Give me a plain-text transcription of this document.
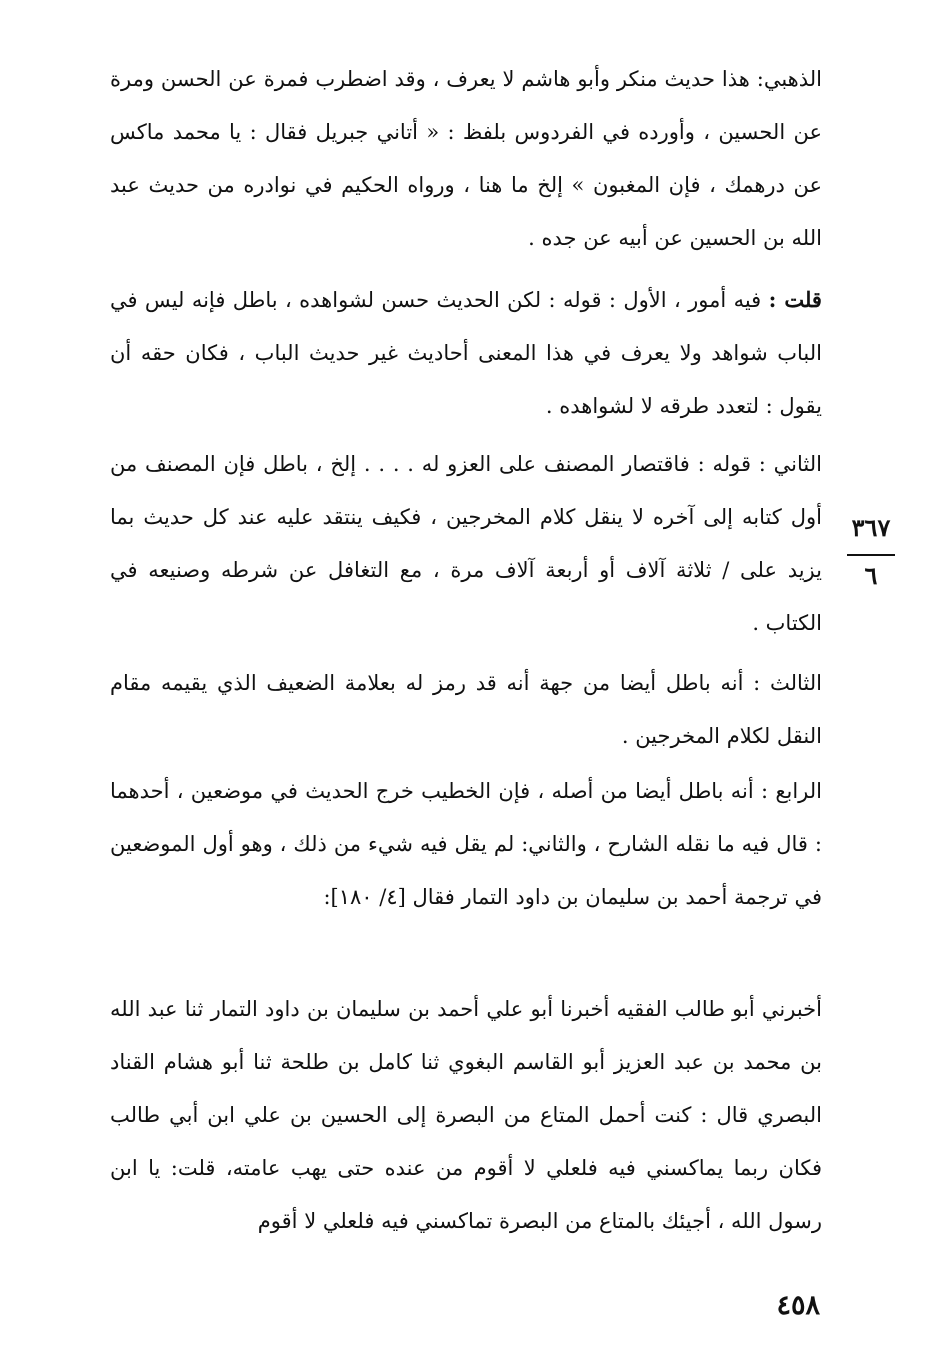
الذهبي: هذا حديث منكر وأبو هاشم لا يعرف ، وقد اضطرب فمرة عن الحسن ومرة عن الحسين ، وأورده في الفردوس بلفظ : « أتاني جبريل فقال : يا محمد ماكس عن درهمك ، فإن المغبون » إلخ ما هنا ، ورواه الحكيم في نوادره من حديث عبد الله بن الحسين عن أبيه عن جده .

قلت : فيه أمور ، الأول : قوله : لكن الحديث حسن لشواهده ، باطل فإنه ليس في الباب شواهد ولا يعرف في هذا المعنى أحاديث غير حديث الباب ، فكان حقه أن يقول : لتعدد طرقه لا لشواهده .

الثاني : قوله : فاقتصار المصنف على العزو له . . . . إلخ ، باطل فإن المصنف من أول كتابه إلى آخره لا ينقل كلام المخرجين ، فكيف ينتقد عليه عند كل حديث بما يزيد على / ثلاثة آلاف أو أربعة آلاف مرة ، مع التغافل عن شرطه وصنيعه في الكتاب .

الثالث : أنه باطل أيضا من جهة أنه قد رمز له بعلامة الضعيف الذي يقيمه مقام النقل لكلام المخرجين .

الرابع : أنه باطل أيضا من أصله ، فإن الخطيب خرج الحديث في موضعين ، أحدهما : قال فيه ما نقله الشارح ، والثاني: لم يقل فيه شيء من ذلك ، وهو أول الموضعين في ترجمة أحمد بن سليمان بن داود التمار فقال [٤/ ١٨٠]:

أخبرني أبو طالب الفقيه أخبرنا أبو علي أحمد بن سليمان بن داود التمار ثنا عبد الله بن محمد بن عبد العزيز أبو القاسم البغوي ثنا كامل بن طلحة ثنا أبو هشام القناد البصري قال : كنت أحمل المتاع من البصرة إلى الحسين بن علي ابن أبي طالب فكان ربما يماكسني فيه فلعلي لا أقوم من عنده حتى يهب عامته، قلت: يا ابن رسول الله ، أجيئك بالمتاع من البصرة تماكسني فيه فلعلي لا أقوم

٣٦٧
٦
٤٥٨
